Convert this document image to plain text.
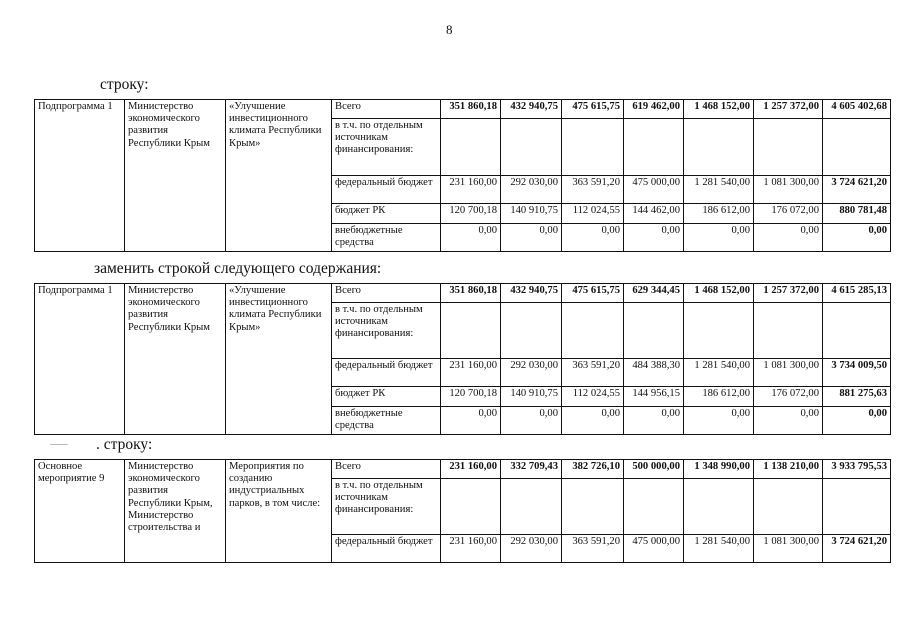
8
строку:
Подпрограмма 1	Министерство экономического развития Республики Крым	«Улучшение инвестиционного климата Республики Крым»	Всего	351 860,18	432 940,75	475 615,75	619 462,00	1 468 152,00	1 257 372,00	4 605 402,68
			в т.ч. по отдельным источникам финансирования:							
			федеральный бюджет	231 160,00	292 030,00	363 591,20	475 000,00	1 281 540,00	1 081 300,00	3 724 621,20
			бюджет РК	120 700,18	140 910,75	112 024,55	144 462,00	186 612,00	176 072,00	880 781,48
			внебюджетные средства	0,00	0,00	0,00	0,00	0,00	0,00	0,00
заменить строкой следующего содержания:
Подпрограмма 1	Министерство экономического развития Республики Крым	«Улучшение инвестиционного климата Республики Крым»	Всего	351 860,18	432 940,75	475 615,75	629 344,45	1 468 152,00	1 257 372,00	4 615 285,13
			в т.ч. по отдельным источникам финансирования:							
			федеральный бюджет	231 160,00	292 030,00	363 591,20	484 388,30	1 281 540,00	1 081 300,00	3 734 009,50
			бюджет РК	120 700,18	140 910,75	112 024,55	144 956,15	186 612,00	176 072,00	881 275,63
			внебюджетные средства	0,00	0,00	0,00	0,00	0,00	0,00	0,00
. строку:
Основное мероприятие 9	Министерство экономического развития Республики Крым, Министерство строительства и	Мероприятия по созданию индустриальных парков, в том числе:	Всего	231 160,00	332 709,43	382 726,10	500 000,00	1 348 990,00	1 138 210,00	3 933 795,53
			в т.ч. по отдельным источникам финансирования:							
			федеральный бюджет	231 160,00	292 030,00	363 591,20	475 000,00	1 281 540,00	1 081 300,00	3 724 621,20
